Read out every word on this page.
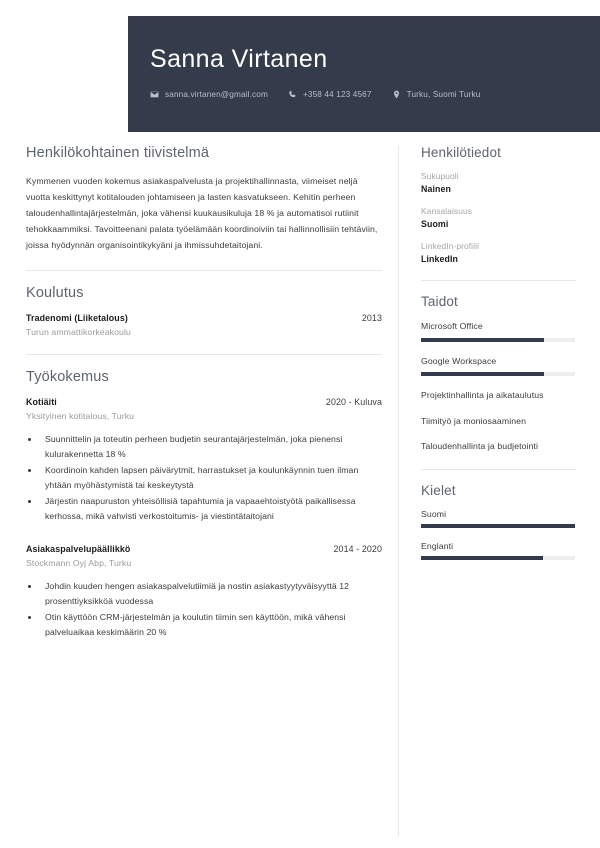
Sanna Virtanen
sanna.virtanen@gmail.com	+358 44 123 4567	Turku, Suomi Turku
Henkilökohtainen tiivistelmä

Kymmenen vuoden kokemus asiakaspalvelusta ja projektihallinnasta, viimeiset neljä vuotta keskittynyt kotitalouden johtamiseen ja lasten kasvatukseen. Kehitin perheen taloudenhallintajärjestelmän, joka vähensi kuukausikuluja 18 % ja automatisoi rutiinit tehokkaammiksi. Tavoitteenani palata työelämään koordinoiviin tai hallinnollisiin tehtäviin, joissa hyödynnän organisointikykyäni ja ihmissuhdetaitojani.

Koulutus
Tradenomi (Liiketalous)	2013
Turun ammattikorkeakoulu
Työkokemus
Kotiäiti	2020 - Kuluva
Yksityinen kotitalous, Turku
• Suunnittelin ja toteutin perheen budjetin seurantajärjestelmän, joka pienensi kulurakennetta 18 %
• Koordinoin kahden lapsen päivärytmit, harrastukset ja koulunkäynnin tuen ilman yhtään myöhästymistä tai keskeytystä
• Järjestin naapuruston yhteisöllisiä tapahtumia ja vapaaehtoistyötä paikallisessa kerhossa, mikä vahvisti verkostoitumis- ja viestintätaitojani
Asiakaspalvelupäällikkö	2014 - 2020
Stockmann Oyj Abp, Turku
• Johdin kuuden hengen asiakaspalvelutiimiä ja nostin asiakastyytyväisyyttä 12 prosenttiyksikköä vuodessa
• Otin käyttöön CRM-järjestelmän ja koulutin tiimin sen käyttöön, mikä vähensi palveluaikaa keskimäärin 20 %
Henkilötiedot
Sukupuoli
Nainen
Kansalaisuus
Suomi
LinkedIn-profiili
LinkedIn
Taidot
Microsoft Office
Google Workspace
Projektinhallinta ja aikataulutus
Tiimityö ja moniosaaminen
Taloudenhallinta ja budjetointi
Kielet
Suomi
Englanti
